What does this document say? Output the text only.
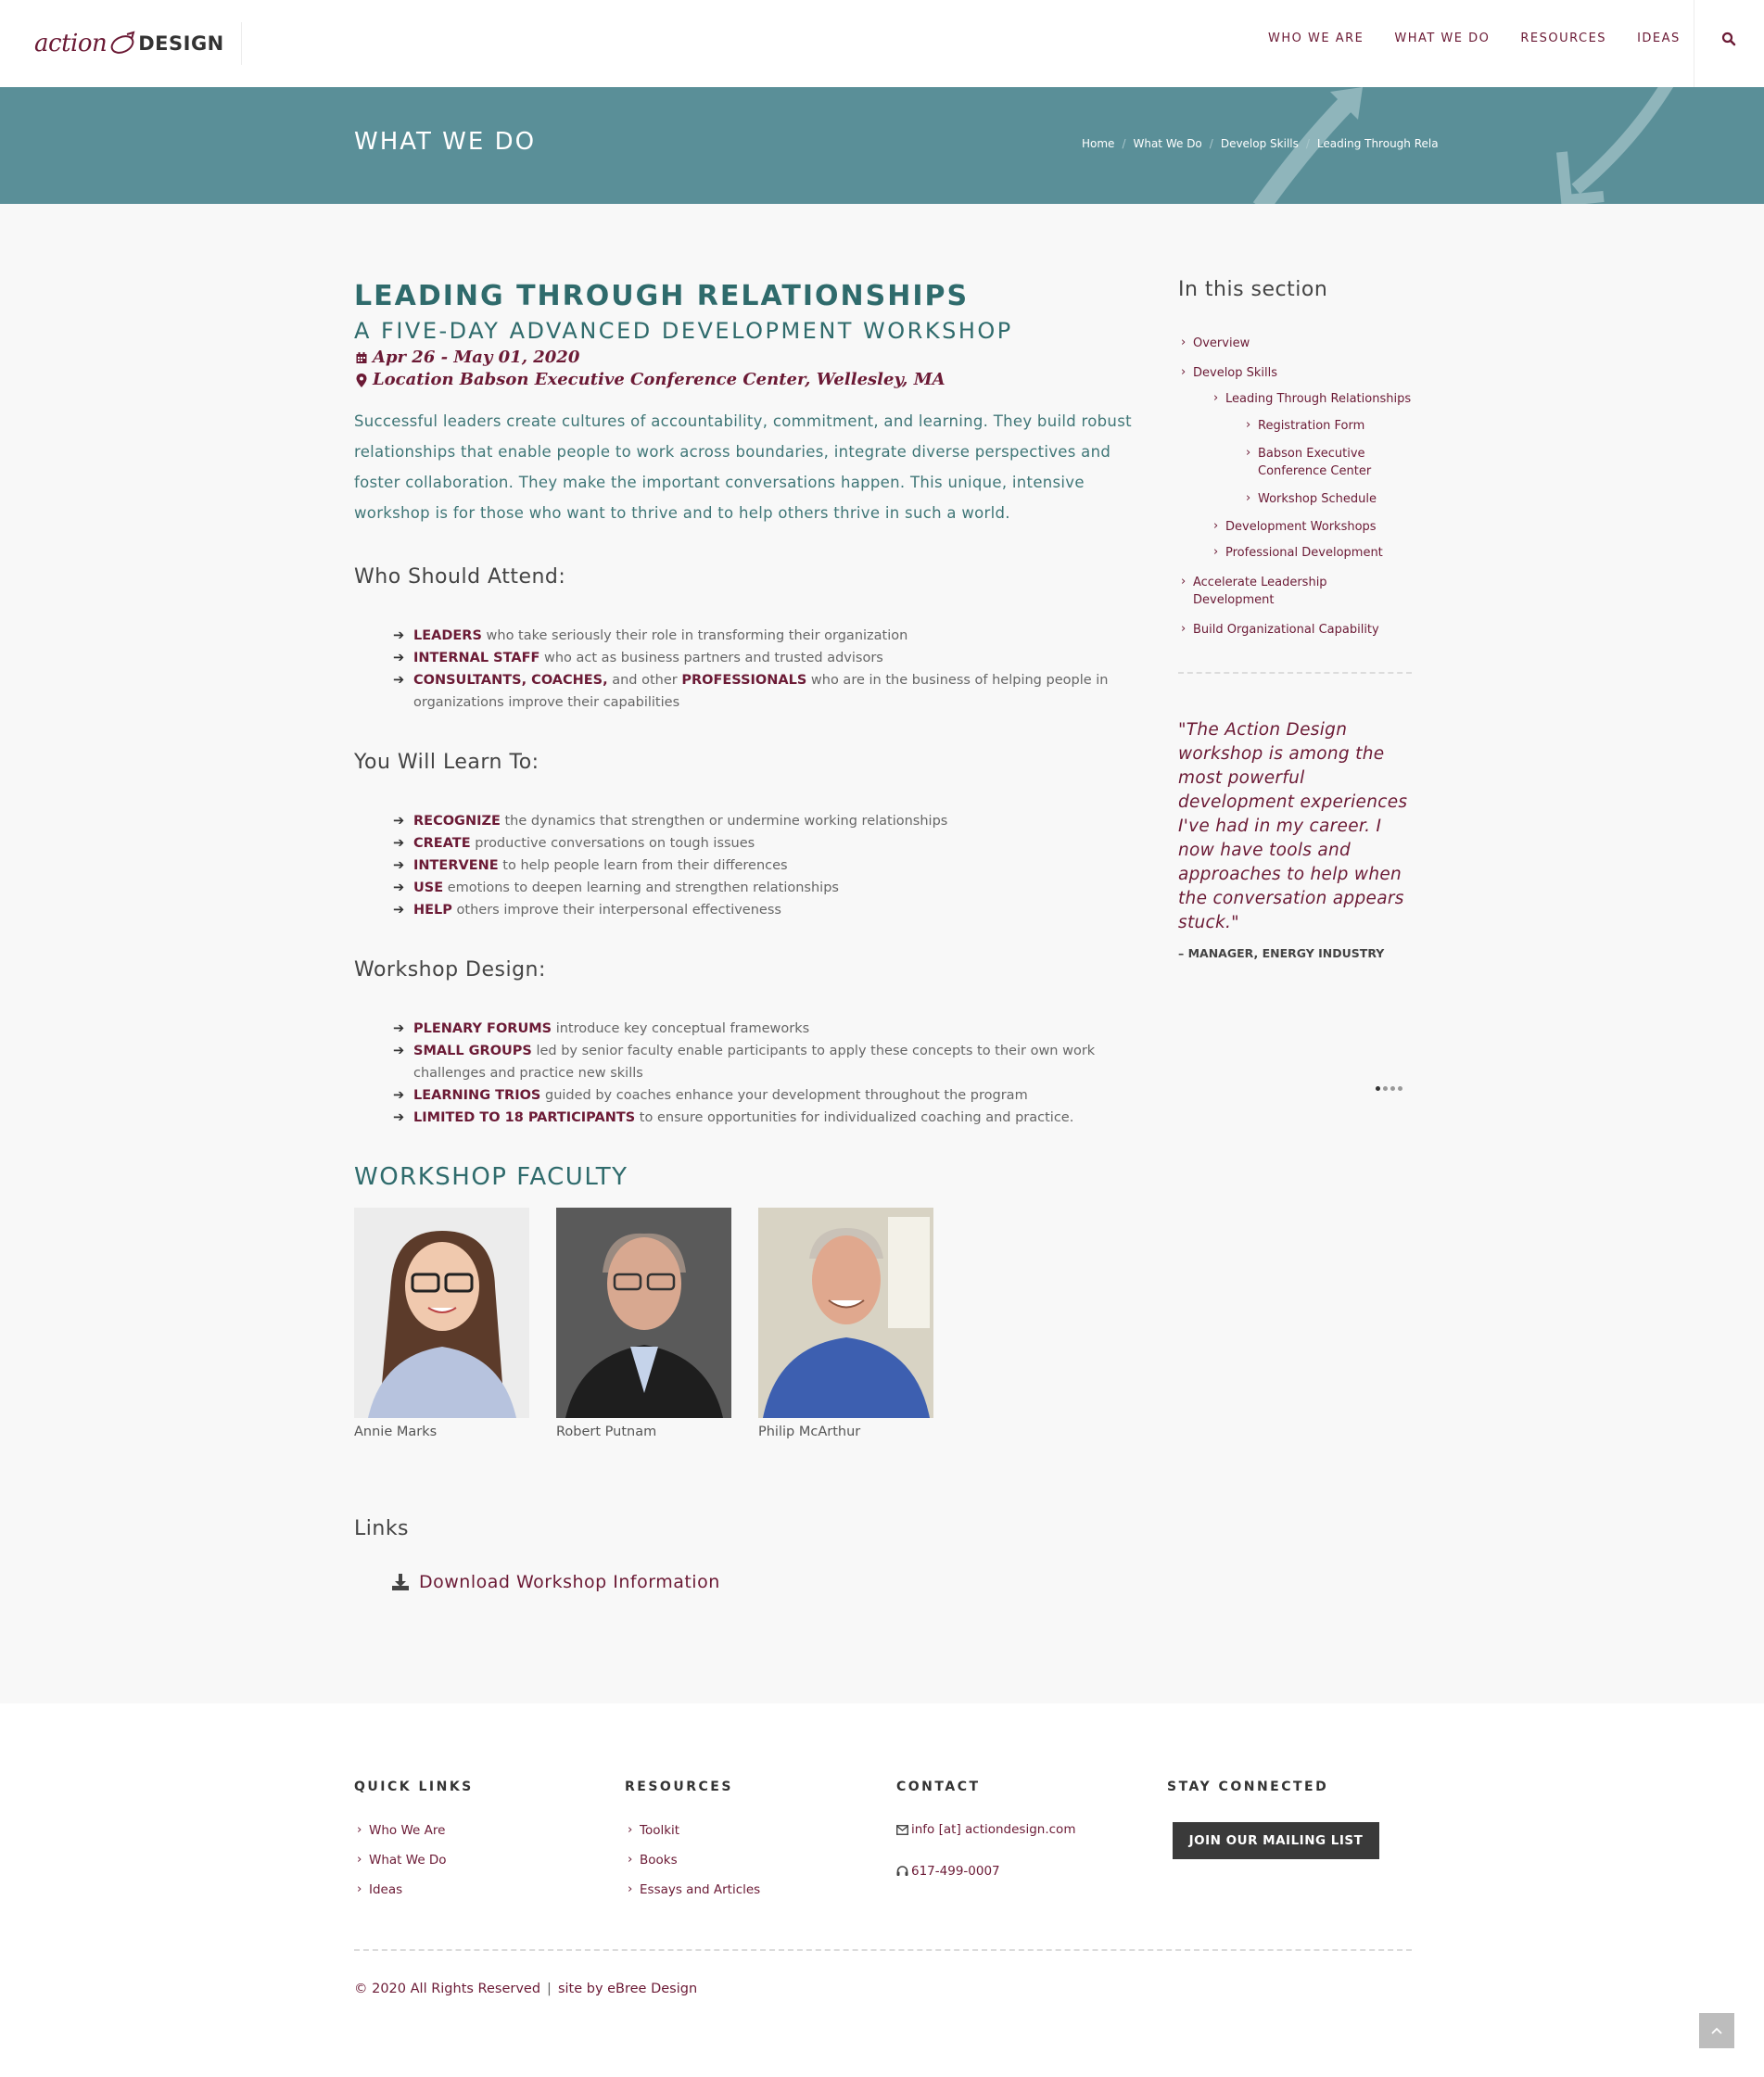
action DESIGN	WHO WE ARE	WHAT WE DO	RESOURCES	IDEAS
WHAT WE DO	Home / What We Do / Develop Skills / Leading Through Rela
LEADING THROUGH RELATIONSHIPS
A FIVE-DAY ADVANCED DEVELOPMENT WORKSHOP
Apr 26 - May 01, 2020
Location Babson Executive Conference Center, Wellesley, MA

Successful leaders create cultures of accountability, commitment, and learning. They build robust relationships that enable people to work across boundaries, integrate diverse perspectives and foster collaboration. They make the important conversations happen. This unique, intensive workshop is for those who want to thrive and to help others thrive in such a world.

Who Should Attend:
➔ LEADERS who take seriously their role in transforming their organization
➔ INTERNAL STAFF who act as business partners and trusted advisors
➔ CONSULTANTS, COACHES, and other PROFESSIONALS who are in the business of helping people in organizations improve their capabilities
You Will Learn To:
➔ RECOGNIZE the dynamics that strengthen or undermine working relationships
➔ CREATE productive conversations on tough issues
➔ INTERVENE to help people learn from their differences
➔ USE emotions to deepen learning and strengthen relationships
➔ HELP others improve their interpersonal effectiveness
Workshop Design:
➔ PLENARY FORUMS introduce key conceptual frameworks
➔ SMALL GROUPS led by senior faculty enable participants to apply these concepts to their own work challenges and practice new skills
➔ LEARNING TRIOS guided by coaches enhance your development throughout the program
➔ LIMITED TO 18 PARTICIPANTS to ensure opportunities for individualized coaching and practice.
WORKSHOP FACULTY
Annie Marks	Robert Putnam	Philip McArthur
Links
Download Workshop Information
In this section
› Overview
› Develop Skills
› Leading Through Relationships
› Registration Form
› Babson Executive Conference Center
› Workshop Schedule
› Development Workshops
› Professional Development
› Accelerate Leadership Development
› Build Organizational Capability
"The Action Design workshop is among the most powerful development experiences I've had in my career. I now have tools and approaches to help when the conversation appears stuck."
– MANAGER, ENERGY INDUSTRY
QUICK LINKS
› Who We Are
› What We Do
› Ideas
RESOURCES
› Toolkit
› Books
› Essays and Articles
CONTACT
info [at] actiondesign.com
617-499-0007
STAY CONNECTED
JOIN OUR MAILING LIST
© 2020 All Rights Reserved | site by eBree Design
